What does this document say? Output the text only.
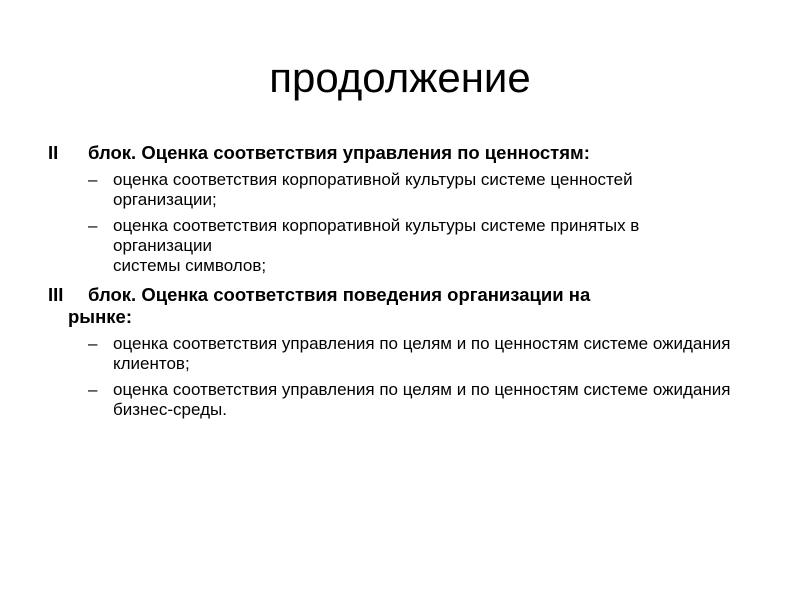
продолжение
II	блок. Оценка соответствия управления по ценностям:
– оценка соответствия корпоративной культуры системе ценностей организации;
– оценка соответствия корпоративной культуры системе принятых в организации
системы символов;
III	блок. Оценка соответствия поведения организации на

рынке:
– оценка соответствия управления по целям и по ценностям системе ожидания клиентов;
– оценка соответствия управления по целям и по ценностям системе ожидания бизнес-среды.
